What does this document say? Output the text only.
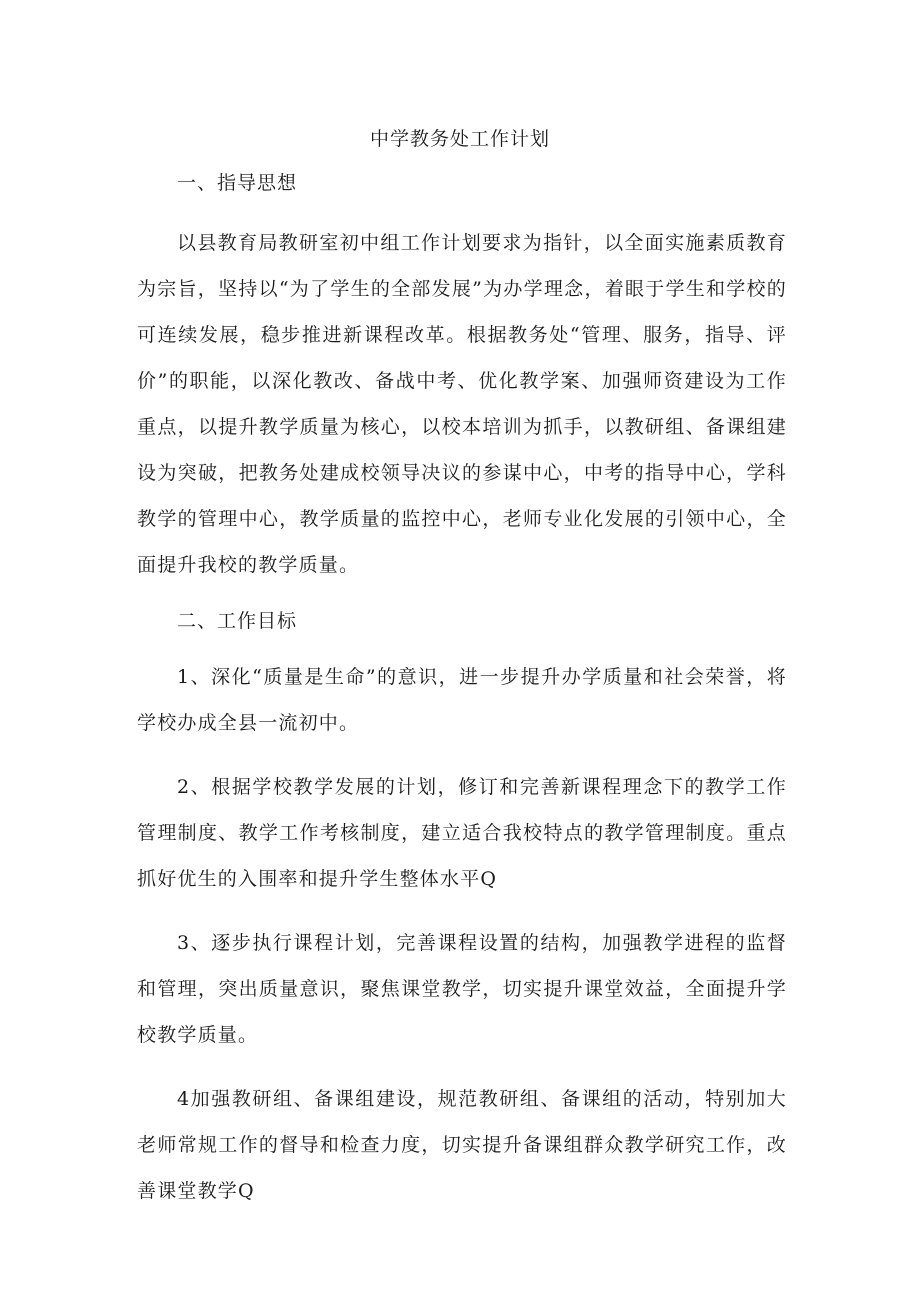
中学教务处工作计划

一、指导思想

以县教育局教研室初中组工作计划要求为指针，以全面实施素质教育为宗旨，坚持以“为了学生的全部发展”为办学理念，着眼于学生和学校的可连续发展，稳步推进新课程改革。根据教务处“管理、服务，指导、评价”的职能，以深化教改、备战中考、优化教学案、加强师资建设为工作重点，以提升教学质量为核心，以校本培训为抓手，以教研组、备课组建设为突破，把教务处建成校领导决议的参谋中心，中考的指导中心，学科教学的管理中心，教学质量的监控中心，老师专业化发展的引领中心，全面提升我校的教学质量。

二、工作目标

1、深化“质量是生命”的意识，进一步提升办学质量和社会荣誉，将学校办成全县一流初中。

2、根据学校教学发展的计划，修订和完善新课程理念下的教学工作管理制度、教学工作考核制度，建立适合我校特点的教学管理制度。重点抓好优生的入围率和提升学生整体水平Q

3、逐步执行课程计划，完善课程设置的结构，加强教学进程的监督和管理，突出质量意识，聚焦课堂教学，切实提升课堂效益，全面提升学校教学质量。

4加强教研组、备课组建设，规范教研组、备课组的活动，特别加大老师常规工作的督导和检查力度，切实提升备课组群众教学研究工作，改善课堂教学Q
